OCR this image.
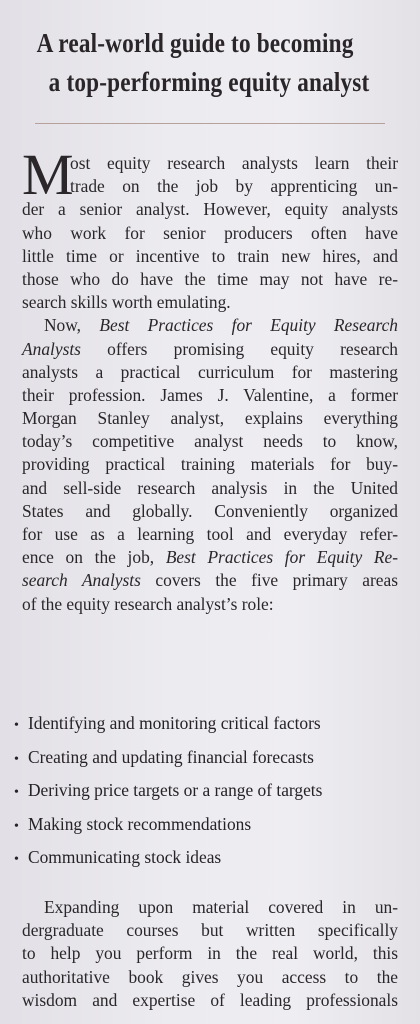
A real-world guide to becoming
a top-performing equity analyst
M
ost equity research analysts learn their
trade on the job by apprenticing un-
der a senior analyst. However, equity analysts
who work for senior producers often have
little time or incentive to train new hires, and
those who do have the time may not have re-
search skills worth emulating.
Now, Best Practices for Equity Research
Analysts offers promising equity research
analysts a practical curriculum for mastering
their profession. James J. Valentine, a former
Morgan Stanley analyst, explains everything
today’s competitive analyst needs to know,
providing practical training materials for buy-
and sell-side research analysis in the United
States and globally. Conveniently organized
for use as a learning tool and everyday refer-
ence on the job, Best Practices for Equity Re-
search Analysts covers the five primary areas
of the equity research analyst’s role:
• Identifying and monitoring critical factors
• Creating and updating financial forecasts
• Deriving price targets or a range of targets
• Making stock recommendations
• Communicating stock ideas
Expanding upon material covered in un-
dergraduate courses but written specifically
to help you perform in the real world, this
authoritative book gives you access to the
wisdom and expertise of leading professionals
